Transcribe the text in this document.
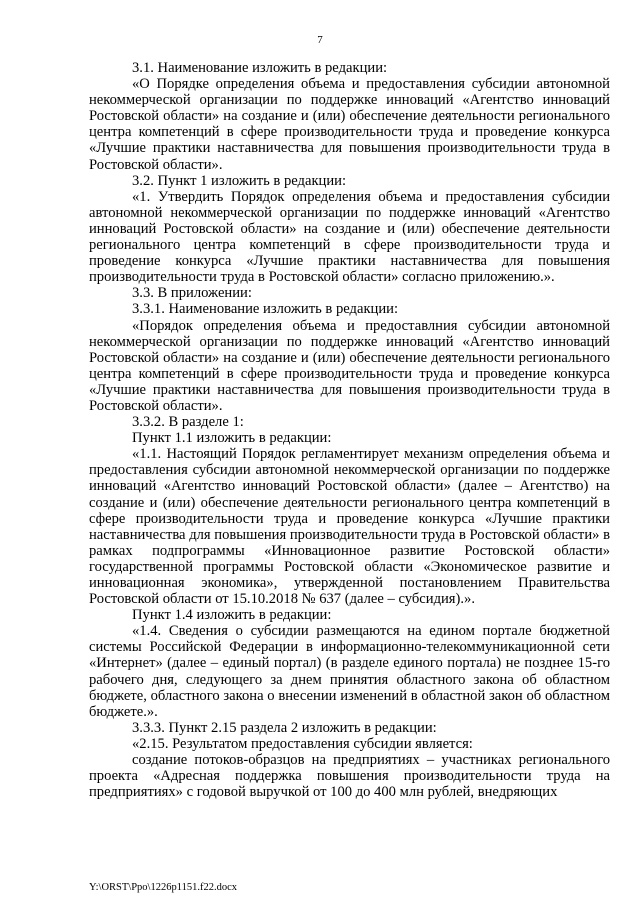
7

3.1. Наименование изложить в редакции:

«О Порядке определения объема и предоставления субсидии автономной некоммерческой организации по поддержке инноваций «Агентство инноваций Ростовской области» на создание и (или) обеспечение деятельности регионального центра компетенций в сфере производительности труда и проведение конкурса «Лучшие практики наставничества для повышения производительности труда в Ростовской области».

3.2. Пункт 1 изложить в редакции:

«1. Утвердить Порядок определения объема и предоставления субсидии автономной некоммерческой организации по поддержке инноваций «Агентство инноваций Ростовской области» на создание и (или) обеспечение деятельности регионального центра компетенций в сфере производительности труда и проведение конкурса «Лучшие практики наставничества для повышения производительности труда в Ростовской области» согласно приложению.».

3.3. В приложении:

3.3.1. Наименование изложить в редакции:

«Порядок определения объема и предоставлния субсидии автономной некоммерческой организации по поддержке инноваций «Агентство инноваций Ростовской области» на создание и (или) обеспечение деятельности регионального центра компетенций в сфере производительности труда и проведение конкурса «Лучшие практики наставничества для повышения производительности труда в Ростовской области».

3.3.2. В разделе 1:

Пункт 1.1 изложить в редакции:

«1.1. Настоящий Порядок регламентирует механизм определения объема и предоставления субсидии автономной некоммерческой организации по поддержке инноваций «Агентство инноваций Ростовской области» (далее – Агентство) на создание и (или) обеспечение деятельности регионального центра компетенций в сфере производительности труда и проведение конкурса «Лучшие практики наставничества для повышения производительности труда в Ростовской области» в рамках подпрограммы «Инновационное развитие Ростовской области» государственной программы Ростовской области «Экономическое развитие и инновационная экономика», утвержденной постановлением Правительства Ростовской области от 15.10.2018 № 637 (далее – субсидия).».

Пункт 1.4 изложить в редакции:

«1.4. Сведения о субсидии размещаются на едином портале бюджетной системы Российской Федерации в информационно-телекоммуникационной сети «Интернет» (далее – единый портал) (в разделе единого портала) не позднее 15-го рабочего дня, следующего за днем принятия областного закона об областном бюджете, областного закона о внесении изменений в областной закон об областном бюджете.».

3.3.3. Пункт 2.15 раздела 2 изложить в редакции:

«2.15. Результатом предоставления субсидии является:

создание потоков-образцов на предприятиях – участниках регионального проекта «Адресная поддержка повышения производительности труда на предприятиях» с годовой выручкой от 100 до 400 млн рублей, внедряющих

Y:\ORST\Ppo\1226p1151.f22.docx
